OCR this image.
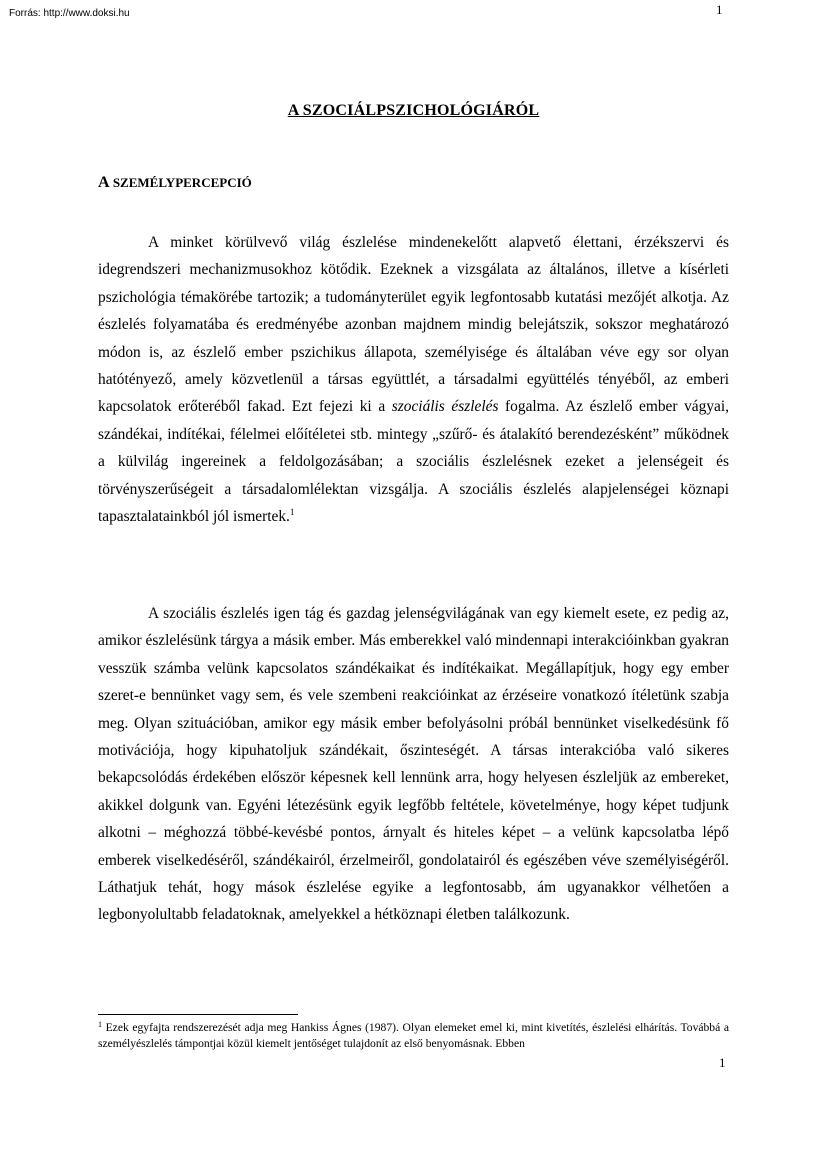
Forrás: http://www.doksi.hu	1
A SZOCIÁLPSZICHOLÓGIÁRÓL
A SZEMÉLYPERCEPCIÓ

A minket körülvevő világ észlelése mindenekelőtt alapvető élettani, érzékszervi és idegrendszeri mechanizmusokhoz kötődik. Ezeknek a vizsgálata az általános, illetve a kísérleti pszichológia témakörébe tartozik; a tudományterület egyik legfontosabb kutatási mezőjét alkotja. Az észlelés folyamatába és eredményébe azonban majdnem mindig belejátszik, sokszor meghatározó módon is, az észlelő ember pszichikus állapota, személyisége és általában véve egy sor olyan hatótényező, amely közvetlenül a társas együttlét, a társadalmi együttélés tényéből, az emberi kapcsolatok erőteréből fakad. Ezt fejezi ki a szociális észlelés fogalma. Az észlelő ember vágyai, szándékai, indítékai, félelmei előítéletei stb. mintegy „szűrő- és átalakító berendezésként” működnek a külvilág ingereinek a feldolgozásában; a szociális észlelésnek ezeket a jelenségeit és törvényszerűségeit a társadalomlélektan vizsgálja. A szociális észlelés alapjelenségei köznapi tapasztalatainkból jól ismertek.$^1$

A szociális észlelés igen tág és gazdag jelenségvilágának van egy kiemelt esete, ez pedig az, amikor észlelésünk tárgya a másik ember. Más emberekkel való mindennapi interakcióinkban gyakran vesszük számba velünk kapcsolatos szándékaikat és indítékaikat. Megállapítjuk, hogy egy ember szeret-e bennünket vagy sem, és vele szembeni reakcióinkat az érzéseire vonatkozó ítéletünk szabja meg. Olyan szituációban, amikor egy másik ember befolyásolni próbál bennünket viselkedésünk fő motivációja, hogy kipuhatoljuk szándékait, őszinteségét. A társas interakcióba való sikeres bekapcsolódás érdekében először képesnek kell lennünk arra, hogy helyesen észleljük az embereket, akikkel dolgunk van. Egyéni létezésünk egyik legfőbb feltétele, követelménye, hogy képet tudjunk alkotni – méghozzá többé-kevésbé pontos, árnyalt és hiteles képet – a velünk kapcsolatba lépő emberek viselkedéséről, szándékairól, érzelmeiről, gondolatairól és egészében véve személyiségéről. Láthatjuk tehát, hogy mások észlelése egyike a legfontosabb, ám ugyanakkor vélhetően a legbonyolultabb feladatoknak, amelyekkel a hétköznapi életben találkozunk.

$^1$ Ezek egyfajta rendszerezését adja meg Hankiss Ágnes (1987). Olyan elemeket emel ki, mint kivetítés, észlelési elhárítás. Továbbá a személyészlelés támpontjai közül kiemelt jentőséget tulajdonít az első benyomásnak. Ebben
1
